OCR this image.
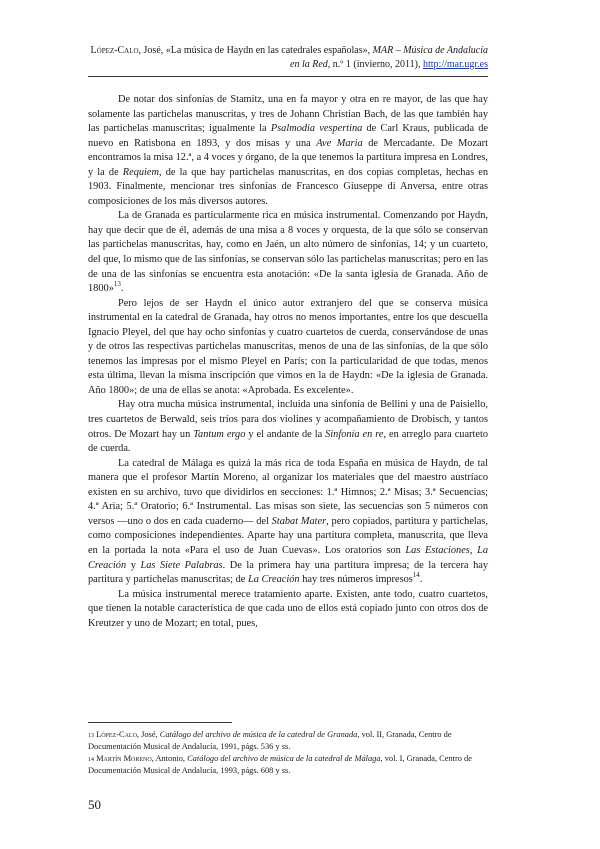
López-Calo, José, «La música de Haydn en las catedrales españolas», MAR – Música de Andalucía en la Red, n.º 1 (invierno, 2011), http://mar.ugr.es

De notar dos sinfonías de Stamitz, una en fa mayor y otra en re mayor, de las que hay solamente las partichelas manuscritas, y tres de Johann Christian Bach, de las que también hay las partichelas manuscritas; igualmente la Psalmodia vespertina de Carl Kraus, publicada de nuevo en Ratisbona en 1893, y dos misas y una Ave Maria de Mercadante. De Mozart encontramos la misa 12.ª, a 4 voces y órgano, de la que tenemos la partitura impresa en Londres, y la de Requiem, de la que hay partichelas manuscritas, en dos copias completas, hechas en 1903. Finalmente, mencionar tres sinfonías de Francesco Giuseppe di Anversa, entre otras composiciones de los más diversos autores.

La de Granada es particularmente rica en música instrumental. Comenzando por Haydn, hay que decir que de él, además de una misa a 8 voces y orquesta, de la que sólo se conservan las partichelas manuscritas, hay, como en Jaén, un alto número de sinfonías, 14; y un cuarteto, del que, lo mismo que de las sinfonías, se conservan sólo las partichelas manuscritas; pero en las de una de las sinfonías se encuentra esta anotación: «De la santa iglesia de Granada. Año de 1800»$^{13}$.

Pero lejos de ser Haydn el único autor extranjero del que se conserva música instrumental en la catedral de Granada, hay otros no menos importantes, entre los que descuella Ignacio Pleyel, del que hay ocho sinfonías y cuatro cuartetos de cuerda, conservándose de unas y de otros las respectivas partichelas manuscritas, menos de una de las sinfonías, de la que sólo tenemos las impresas por el mismo Pleyel en París; con la particularidad de que todas, menos esta última, llevan la misma inscripción que vimos en la de Haydn: «De la iglesia de Granada. Año 1800»; de una de ellas se anota: «Aprobada. Es excelente».

Hay otra mucha música instrumental, incluida una sinfonía de Bellini y una de Paisiello, tres cuartetos de Berwald, seis tríos para dos violines y acompañamiento de Drobisch, y tantos otros. De Mozart hay un Tantum ergo y el andante de la Sinfonía en re, en arreglo para cuarteto de cuerda.

La catedral de Málaga es quizá la más rica de toda España en música de Haydn, de tal manera que el profesor Martín Moreno, al organizar los materiales que del maestro austríaco existen en su archivo, tuvo que dividirlos en secciones: 1.ª Himnos; 2.ª Misas; 3.ª Secuencias; 4.ª Aria; 5.ª Oratorio; 6.ª Instrumental. Las misas son siete, las secuencias son 5 números con versos —uno o dos en cada cuaderno— del Stabat Mater, pero copiados, partitura y partichelas, como composiciones independientes. Aparte hay una partitura completa, manuscrita, que lleva en la portada la nota «Para el uso de Juan Cuevas». Los oratorios son Las Estaciones, La Creación y Las Siete Palabras. De la primera hay una partitura impresa; de la tercera hay partitura y partichelas manuscritas; de La Creación hay tres números impresos$^{14}$.

La música instrumental merece tratamiento aparte. Existen, ante todo, cuatro cuartetos, que tienen la notable característica de que cada uno de ellos está copiado junto con otros dos de Kreutzer y uno de Mozart; en total, pues,

$^{13}$ López-Calo, José, Catálogo del archivo de música de la catedral de Granada, vol. II, Granada, Centro de Documentación Musical de Andalucía, 1991, págs. 536 y ss.

$^{14}$ Martín Moreno, Antonio, Catálogo del archivo de música de la catedral de Málaga, vol. I, Granada, Centro de Documentación Musical de Andalucía, 1993, págs. 608 y ss.

50
